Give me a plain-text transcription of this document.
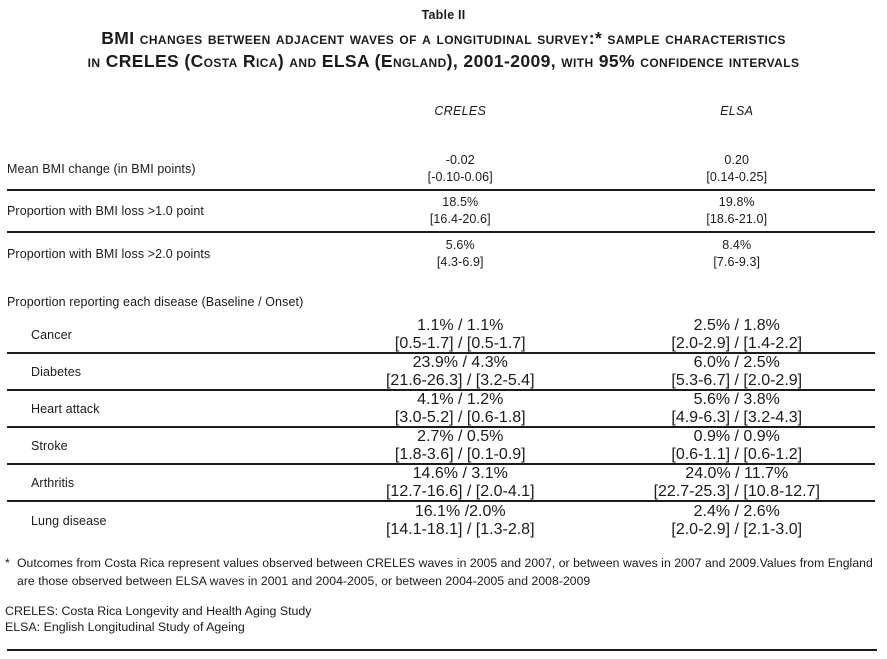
Table II
BMI changes between adjacent waves of a longitudinal survey:* sample characteristics
in CRELES (Costa Rica) and ELSA (England), 2001-2009, with 95% confidence intervals
CRELES	ELSA
Mean BMI change (in BMI points)
-0.02
[-0.10-0.06]
0.20
[0.14-0.25]
Proportion with BMI loss >1.0 point
18.5%
[16.4-20.6]
19.8%
[18.6-21.0]
Proportion with BMI loss >2.0 points
5.6%
[4.3-6.9]
8.4%
[7.6-9.3]
Proportion reporting each disease (Baseline / Onset)
Cancer
1.1% / 1.1%
[0.5-1.7] / [0.5-1.7]
2.5% / 1.8%
[2.0-2.9] / [1.4-2.2]
Diabetes
23.9% / 4.3%
[21.6-26.3] / [3.2-5.4]
6.0% / 2.5%
[5.3-6.7] / [2.0-2.9]
Heart attack
4.1% / 1.2%
[3.0-5.2] / [0.6-1.8]
5.6% / 3.8%
[4.9-6.3] / [3.2-4.3]
Stroke
2.7% / 0.5%
[1.8-3.6] / [0.1-0.9]
0.9% / 0.9%
[0.6-1.1] / [0.6-1.2]
Arthritis
14.6% / 3.1%
[12.7-16.6] / [2.0-4.1]
24.0% / 11.7%
[22.7-25.3] / [10.8-12.7]
Lung disease
16.1% /2.0%
[14.1-18.1] / [1.3-2.8]
2.4% / 2.6%
[2.0-2.9] / [2.1-3.0]
* Outcomes from Costa Rica represent values observed between CRELES waves in 2005 and 2007, or between waves in 2007 and 2009.Values from England are those observed between ELSA waves in 2001 and 2004-2005, or between 2004-2005 and 2008-2009
CRELES: Costa Rica Longevity and Health Aging Study
ELSA: English Longitudinal Study of Ageing
